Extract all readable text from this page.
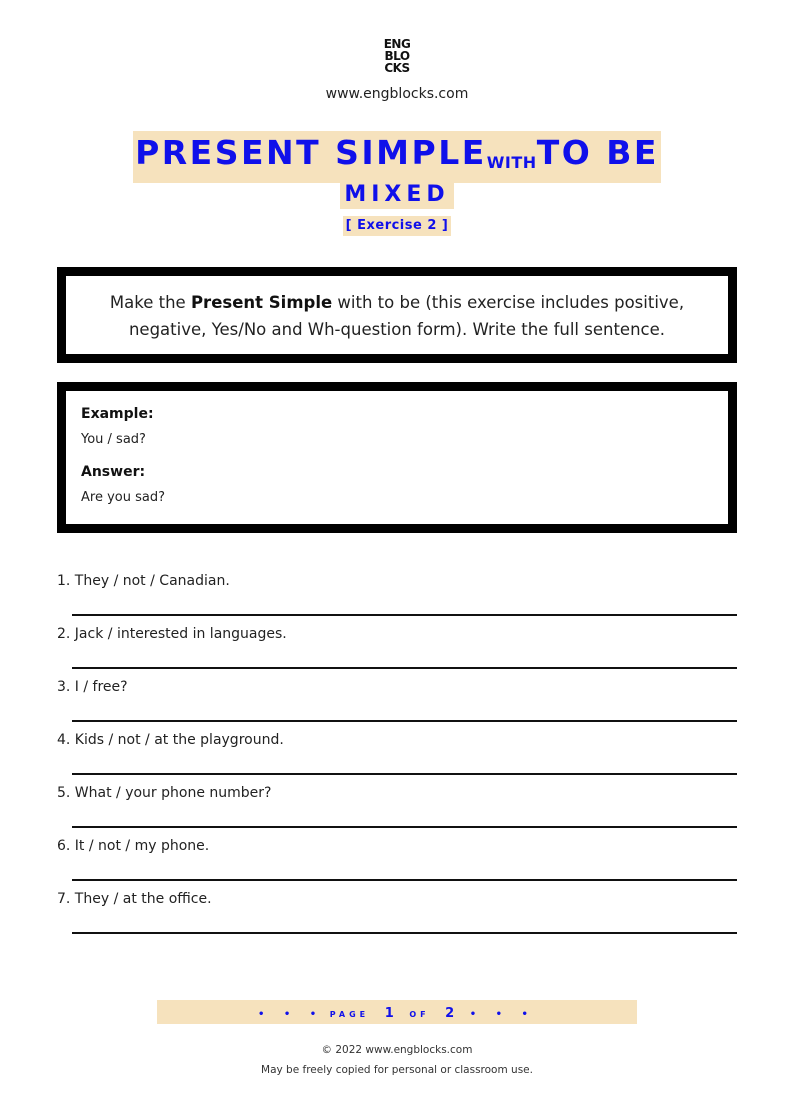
ENG
BLO
CKS
www.engblocks.com
PRESENT SIMPLEWITHTO BE
MIXED
[ Exercise 2 ]
Make the Present Simple with to be (this exercise includes positive, negative, Yes/No and Wh-question form). Write the full sentence.
Example:
You / sad?
Answer:
Are you sad?
1. They / not / Canadian.
2. Jack / interested in languages.
3. I / free?
4. Kids / not / at the playground.
5. What / your phone number?
6. It / not / my phone.
7. They / at the office.
• • • PAGE 1 OF 2 • • •
© 2022 www.engblocks.com
May be freely copied for personal or classroom use.
